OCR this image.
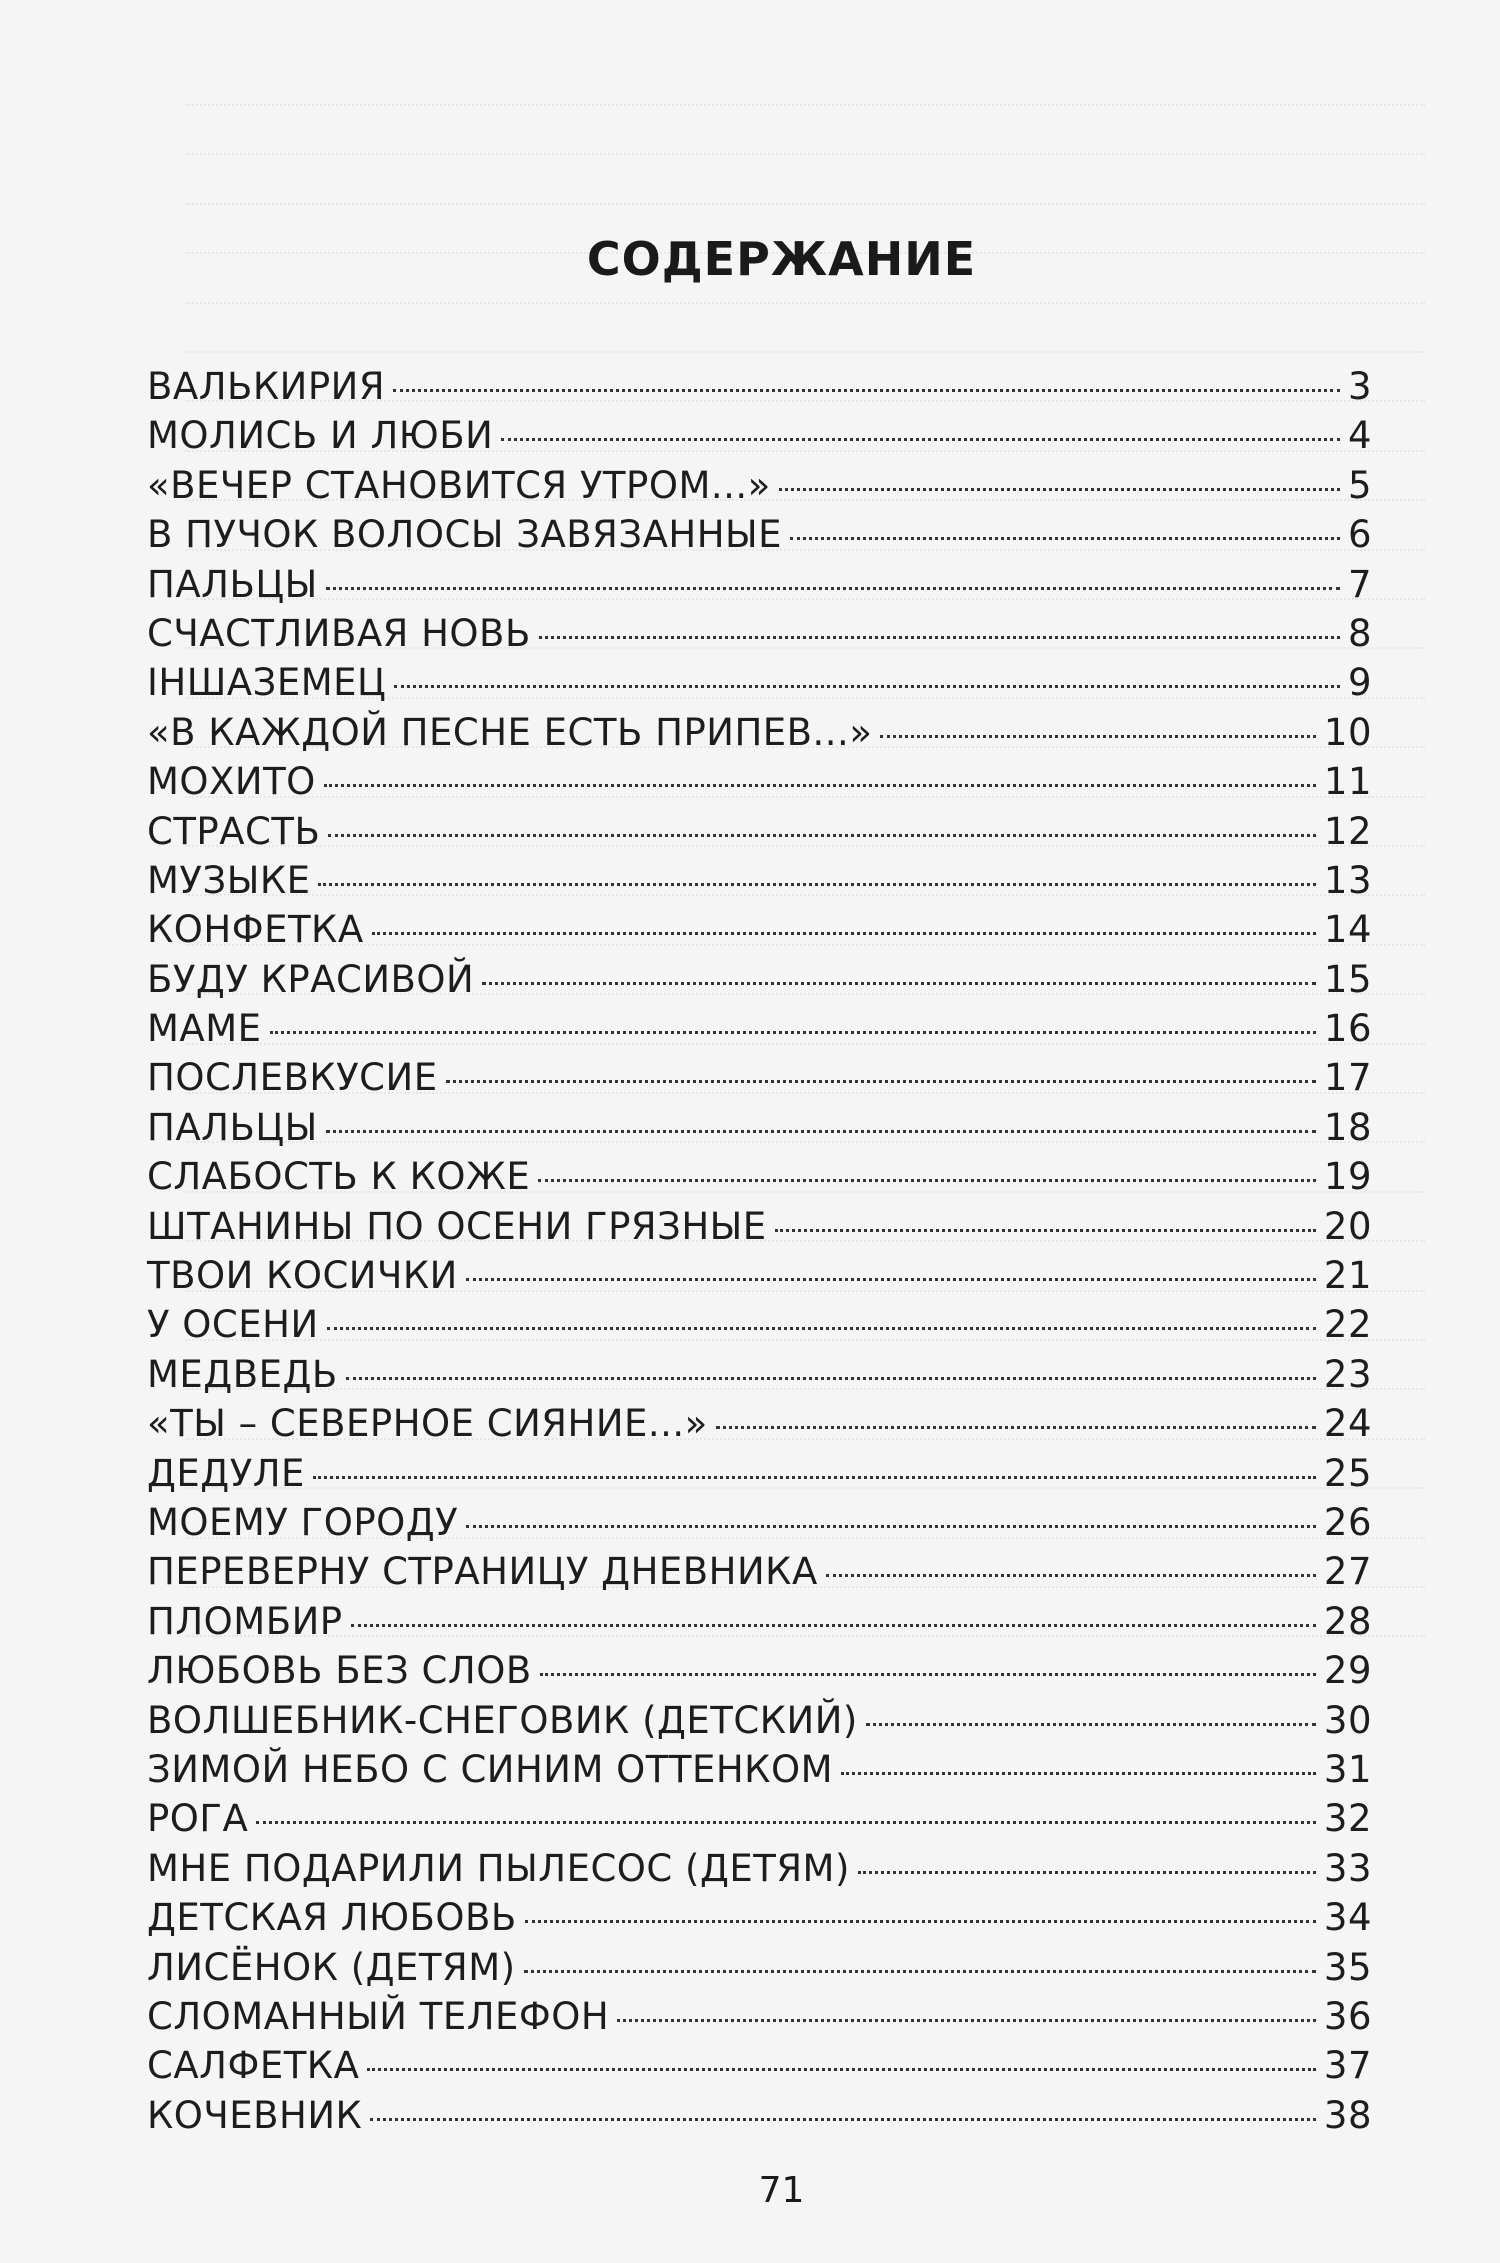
СОДЕРЖАНИЕ
ВАЛЬКИРИЯ	3
МОЛИСЬ И ЛЮБИ	4
«ВЕЧЕР СТАНОВИТСЯ УТРОМ...»	5
В ПУЧОК ВОЛОСЫ ЗАВЯЗАННЫЕ	6
ПАЛЬЦЫ	7
СЧАСТЛИВАЯ НОВЬ	8
ІНШАЗЕМЕЦ	9
«В КАЖДОЙ ПЕСНЕ ЕСТЬ ПРИПЕВ...»	10
МОХИТО	11
СТРАСТЬ	12
МУЗЫКЕ	13
КОНФЕТКА	14
БУДУ КРАСИВОЙ	15
МАМЕ	16
ПОСЛЕВКУСИЕ	17
ПАЛЬЦЫ	18
СЛАБОСТЬ К КОЖЕ	19
ШТАНИНЫ ПО ОСЕНИ ГРЯЗНЫЕ	20
ТВОИ КОСИЧКИ	21
У ОСЕНИ	22
МЕДВЕДЬ	23
«ТЫ – СЕВЕРНОЕ СИЯНИЕ...»	24
ДЕДУЛЕ	25
МОЕМУ ГОРОДУ	26
ПЕРЕВЕРНУ СТРАНИЦУ ДНЕВНИКА	27
ПЛОМБИР	28
ЛЮБОВЬ БЕЗ СЛОВ	29
ВОЛШЕБНИК-СНЕГОВИК (ДЕТСКИЙ)	30
ЗИМОЙ НЕБО С СИНИМ ОТТЕНКОМ	31
РОГА	32
МНЕ ПОДАРИЛИ ПЫЛЕСОС (ДЕТЯМ)	33
ДЕТСКАЯ ЛЮБОВЬ	34
ЛИСЁНОК (ДЕТЯМ)	35
СЛОМАННЫЙ ТЕЛЕФОН	36
САЛФЕТКА	37
КОЧЕВНИК	38
71
